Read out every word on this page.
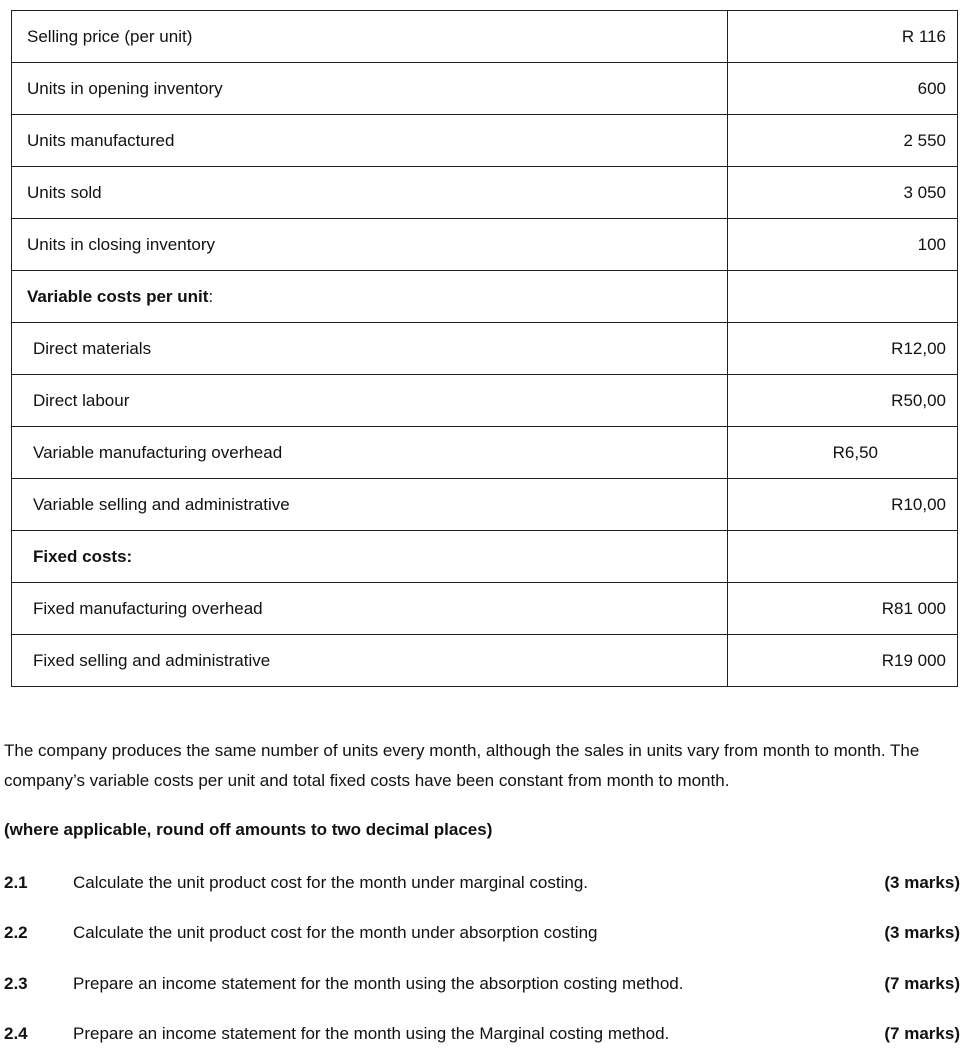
Selling price (per unit)	R 116
Units in opening inventory	600
Units manufactured	2 550
Units sold	3 050
Units in closing inventory	100
Variable costs per unit:	
Direct materials	R12,00
Direct labour	R50,00
Variable manufacturing overhead	R6,50
Variable selling and administrative	R10,00
Fixed costs:	
Fixed manufacturing overhead	R81 000
Fixed selling and administrative	R19 000
The company produces the same number of units every month, although the sales in units vary from month to month. The company’s variable costs per unit and total fixed costs have been constant from month to month.
(where applicable, round off amounts to two decimal places)
2.1	Calculate the unit product cost for the month under marginal costing.	(3 marks)
2.2	Calculate the unit product cost for the month under absorption costing	(3 marks)
2.3	Prepare an income statement for the month using the absorption costing method.	(7 marks)
2.4	Prepare an income statement for the month using the Marginal costing method.	(7 marks)
